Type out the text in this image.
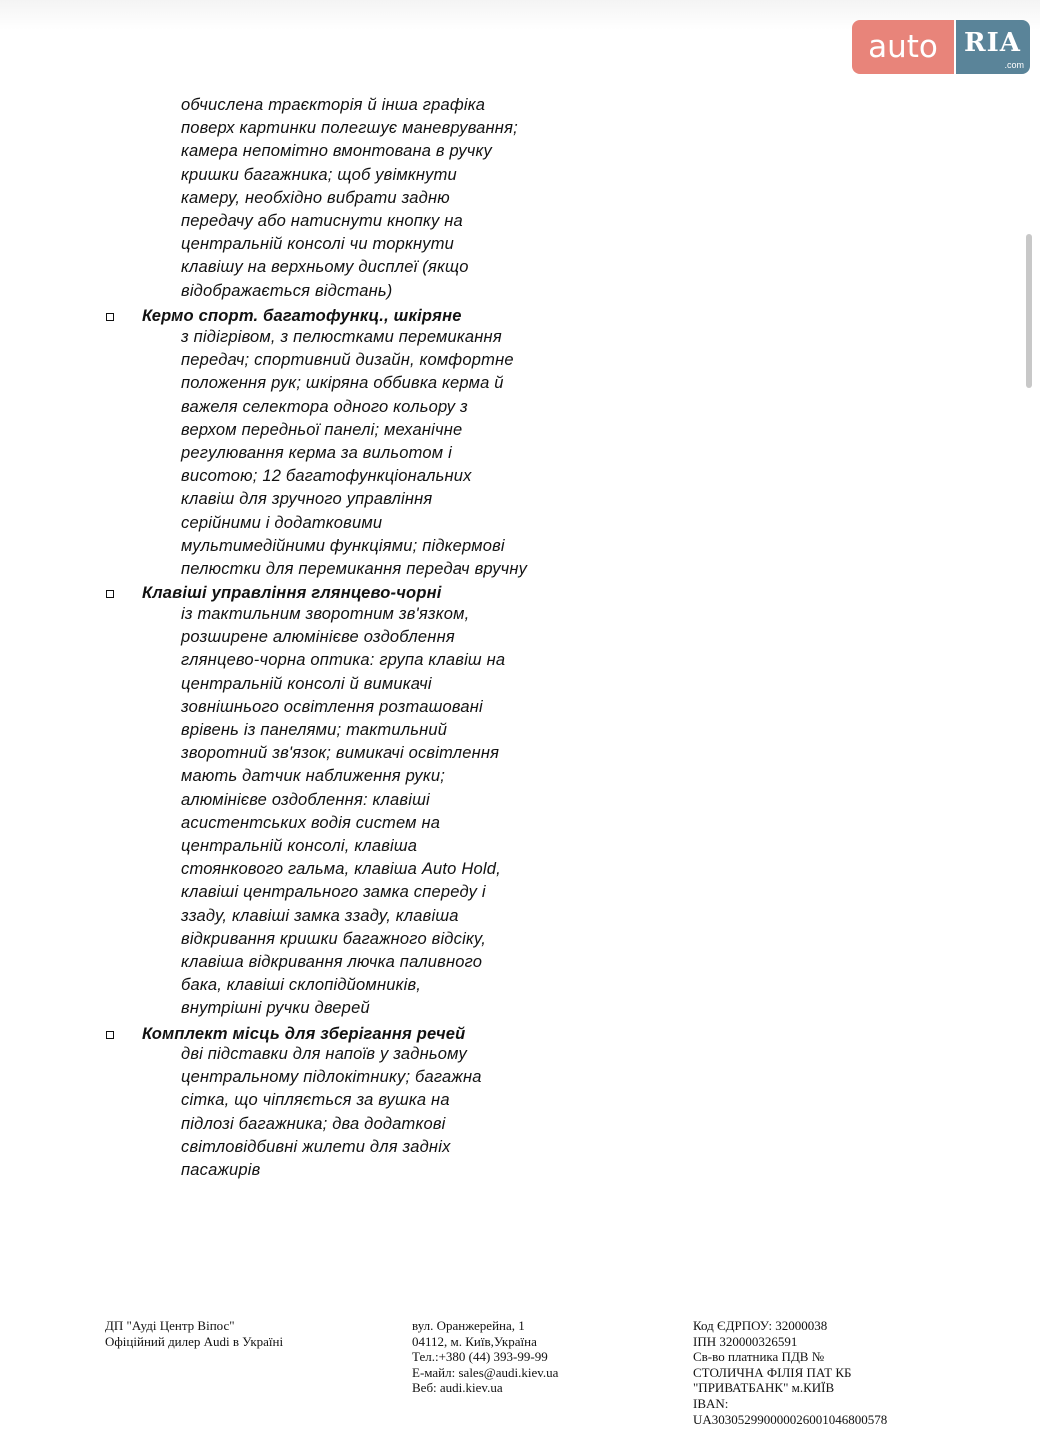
auto	RIA
.com
обчислена траєкторія й інша графіка
поверх картинки полегшує маневрування;
камера непомітно вмонтована в ручку
кришки багажника; щоб увімкнути
камеру, необхідно вибрати задню
передачу або натиснути кнопку на
центральній консолі чи торкнути
клавішу на верхньому дисплеї (якщо
відображається відстань)
Кермо спорт. багатофункц., шкіряне
з підігрівом, з пелюстками перемикання
передач; спортивний дизайн, комфортне
положення рук; шкіряна оббивка керма й
важеля селектора одного кольору з
верхом передньої панелі; механічне
регулювання керма за вильотом і
висотою; 12 багатофункціональних
клавіш для зручного управління
серійними і додатковими
мультимедійними функціями; підкермові
пелюстки для перемикання передач вручну
Клавіші управління глянцево-чорні
із тактильним зворотним зв'язком,
розширене алюмінієве оздоблення
глянцево-чорна оптика: група клавіш на
центральній консолі й вимикачі
зовнішнього освітлення розташовані
врівень із панелями; тактильний
зворотний зв'язок; вимикачі освітлення
мають датчик наближення руки;
алюмінієве оздоблення: клавіші
асистентських водія систем на
центральній консолі, клавіша
стоянкового гальма, клавіша Auto Hold,
клавіші центрального замка спереду і
ззаду, клавіші замка ззаду, клавіша
відкривання кришки багажного відсіку,
клавіша відкривання лючка паливного
бака, клавіші склопідйомників,
внутрішні ручки дверей
Комплект місць для зберігання речей
дві підставки для напоїв у задньому
центральному підлокітнику; багажна
сітка, що чіпляється за вушка на
підлозі багажника; два додаткові
світловідбивні жилети для задніх
пасажирів
ДП "Ауді Центр Віпос"
Офіційний дилер Audi в Україні
вул. Оранжерейна, 1
04112, м. Київ,Україна
Тел.:+380 (44) 393-99-99
Е-майл: sales@audi.kiev.ua
Веб: audi.kiev.ua
Код ЄДРПОУ: 32000038
ІПН 320000326591
Св-во платника ПДВ №
СТОЛИЧНА ФІЛІЯ ПАТ КБ
"ПРИВАТБАНК" м.КИЇВ
IBAN:
UA303052990000026001046800578
